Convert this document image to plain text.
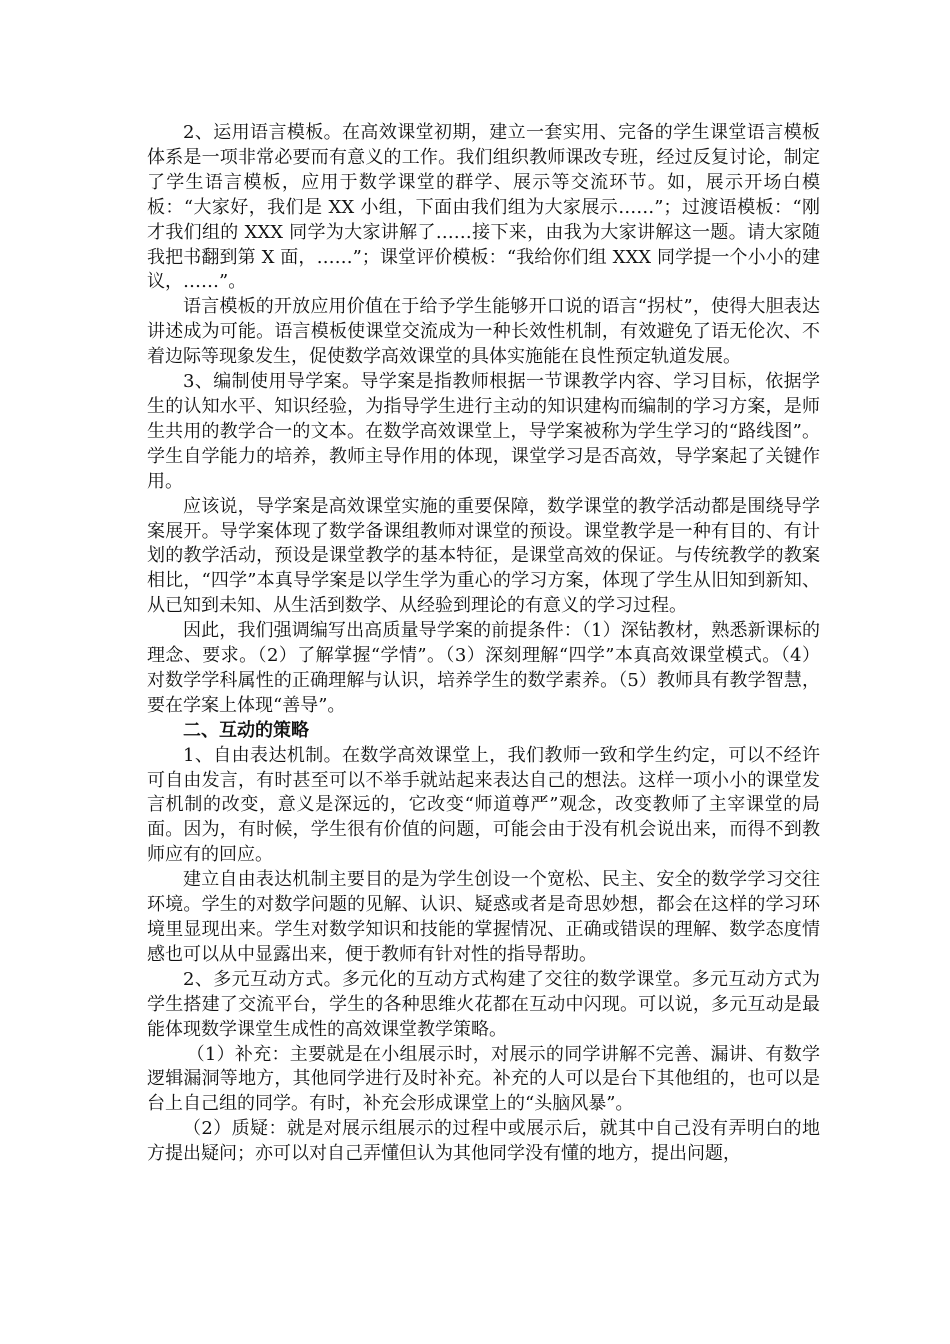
2、运用语言模板。在高效课堂初期，建立一套实用、完备的学生课堂语言模板体系是一项非常必要而有意义的工作。我们组织教师课改专班，经过反复讨论，制定了学生语言模板，应用于数学课堂的群学、展示等交流环节。如，展示开场白模板：“大家好，我们是 XX 小组，下面由我们组为大家展示……”；过渡语模板：“刚才我们组的 XXX 同学为大家讲解了……接下来，由我为大家讲解这一题。请大家随我把书翻到第 X 面，……”；课堂评价模板：“我给你们组 XXX 同学提一个小小的建议，……”。

语言模板的开放应用价值在于给予学生能够开口说的语言“拐杖”，使得大胆表达讲述成为可能。语言模板使课堂交流成为一种长效性机制，有效避免了语无伦次、不着边际等现象发生，促使数学高效课堂的具体实施能在良性预定轨道发展。

3、编制使用导学案。导学案是指教师根据一节课教学内容、学习目标，依据学生的认知水平、知识经验，为指导学生进行主动的知识建构而编制的学习方案，是师生共用的教学合一的文本。在数学高效课堂上，导学案被称为学生学习的“路线图”。学生自学能力的培养，教师主导作用的体现，课堂学习是否高效，导学案起了关键作用。

应该说，导学案是高效课堂实施的重要保障，数学课堂的教学活动都是围绕导学案展开。导学案体现了数学备课组教师对课堂的预设。课堂教学是一种有目的、有计划的教学活动，预设是课堂教学的基本特征，是课堂高效的保证。与传统教学的教案相比，“四学”本真导学案是以学生学为重心的学习方案，体现了学生从旧知到新知、从已知到未知、从生活到数学、从经验到理论的有意义的学习过程。

因此，我们强调编写出高质量导学案的前提条件：（1）深钻教材，熟悉新课标的理念、要求。（2）了解掌握“学情”。（3）深刻理解“四学”本真高效课堂模式。（4）对数学学科属性的正确理解与认识，培养学生的数学素养。（5）教师具有教学智慧，要在学案上体现“善导”。

二、互动的策略

1、自由表达机制。在数学高效课堂上，我们教师一致和学生约定，可以不经许可自由发言，有时甚至可以不举手就站起来表达自己的想法。这样一项小小的课堂发言机制的改变，意义是深远的，它改变“师道尊严”观念，改变教师了主宰课堂的局面。因为，有时候，学生很有价值的问题，可能会由于没有机会说出来，而得不到教师应有的回应。

建立自由表达机制主要目的是为学生创设一个宽松、民主、安全的数学学习交往环境。学生的对数学问题的见解、认识、疑惑或者是奇思妙想，都会在这样的学习环境里显现出来。学生对数学知识和技能的掌握情况、正确或错误的理解、数学态度情感也可以从中显露出来，便于教师有针对性的指导帮助。

2、多元互动方式。多元化的互动方式构建了交往的数学课堂。多元互动方式为学生搭建了交流平台，学生的各种思维火花都在互动中闪现。可以说，多元互动是最能体现数学课堂生成性的高效课堂教学策略。

（1）补充：主要就是在小组展示时，对展示的同学讲解不完善、漏讲、有数学逻辑漏洞等地方，其他同学进行及时补充。补充的人可以是台下其他组的，也可以是台上自己组的同学。有时，补充会形成课堂上的“头脑风暴”。

（2）质疑：就是对展示组展示的过程中或展示后，就其中自己没有弄明白的地方提出疑问；亦可以对自己弄懂但认为其他同学没有懂的地方，提出问题，
